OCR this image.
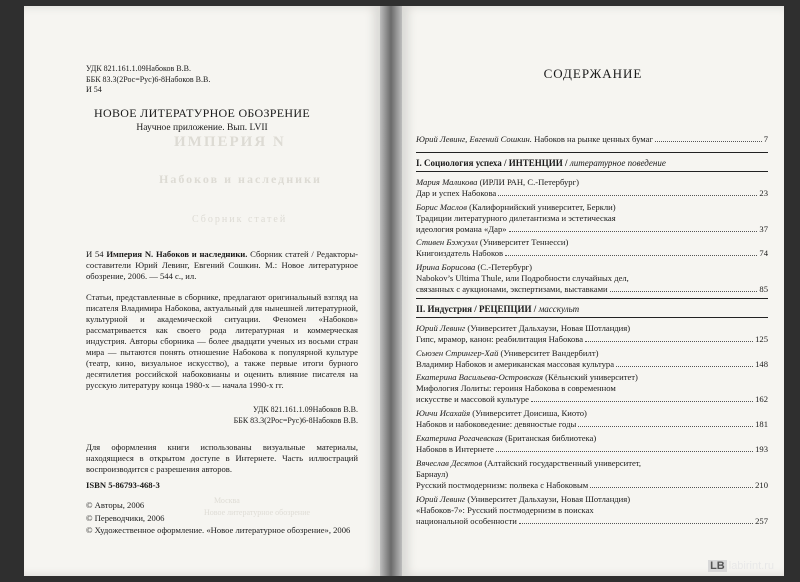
ИМПЕРИЯ N
Набоков и наследники
Сборник статей
УДК 821.161.1.09Набоков В.В.
ББК 83.3(2Рос=Рус)6-8Набоков В.В.
И 54
НОВОЕ ЛИТЕРАТУРНОЕ ОБОЗРЕНИЕ
Научное приложение. Вып. LVII
И 54 Империя N. Набоков и наследники. Сборник статей / Редакторы-составители Юрий Левинг, Евгений Сошкин. М.: Новое литературное обозрение, 2006. — 544 с., ил.
Статьи, представленные в сборнике, предлагают оригинальный взгляд на писателя Владимира Набокова, актуальный для нынешней литературной, культурной и академической ситуации. Феномен «Набоков» рассматривается как своего рода литературная и коммерческая индустрия. Авторы сборника — более двадцати ученых из восьми стран мира — пытаются понять отношение Набокова к популярной культуре (театр, кино, визуальное искусство), а также первые итоги бурного десятилетия российской набоковианы и оценить влияние писателя на русскую литературу конца 1980-х — начала 1990-х гг.
УДК 821.161.1.09Набоков В.В.
ББК 83.3(2Рос=Рус)6-8Набоков В.В.
Для оформления книги использованы визуальные материалы, находящиеся в открытом доступе в Интернете. Часть иллюстраций воспроизводится с разрешения авторов.
ISBN 5-86793-468-3
Москва
Новое литературное обозрение
© Авторы, 2006
© Переводчики, 2006
© Художественное оформление. «Новое литературное обозрение», 2006
СОДЕРЖАНИЕ
Юрий Левинг, Евгений Сошкин. Набоков на рынке ценных бумаг	7
I. Социология успеха / ИНТЕНЦИИ / литературное поведение
Мария Маликова (ИРЛИ РАН, С.-Петербург)
Дар и успех Набокова	23
Борис Маслов (Калифорнийский университет, Беркли)
Традиции литературного дилетантизма и эстетическая
идеология романа «Дар»	37
Стивен Бэжуэлл (Университет Теннесси)
Книгоиздатель Набоков	74
Ирина Борисова (С.-Петербург)
Nabokov’s Ultima Thule, или Подробности случайных дел,
связанных с аукционами, экспертизами, выставками	85
II. Индустрия / РЕЦЕПЦИИ / масскульт
Юрий Левинг (Университет Дальхаузи, Новая Шотландия)
Гипс, мрамор, канон: реабилитация Набокова	125
Сьюзен Стрингер-Хай (Университет Вандербилт)
Владимир Набоков и американская массовая культура	148
Екатерина Васильева-Островская (Кёльнский университет)
Мифология Лолиты: героиня Набокова в современном
искусстве и массовой культуре	162
Юичи Исахайя (Университет Доисиша, Киото)
Набоков и набоковедение: девяностые годы	181
Екатерина Рогачевская (Британская библиотека)
Набоков в Интернете	193
Вячеслав Десятов (Алтайский государственный университет,
Барнаул)
Русский постмодернизм: полвека с Набоковым	210
Юрий Левинг (Университет Дальхаузи, Новая Шотландия)
«Набоков-7»: Русский постмодернизм в поисках
национальной особенности	257
LB labirint.ru
